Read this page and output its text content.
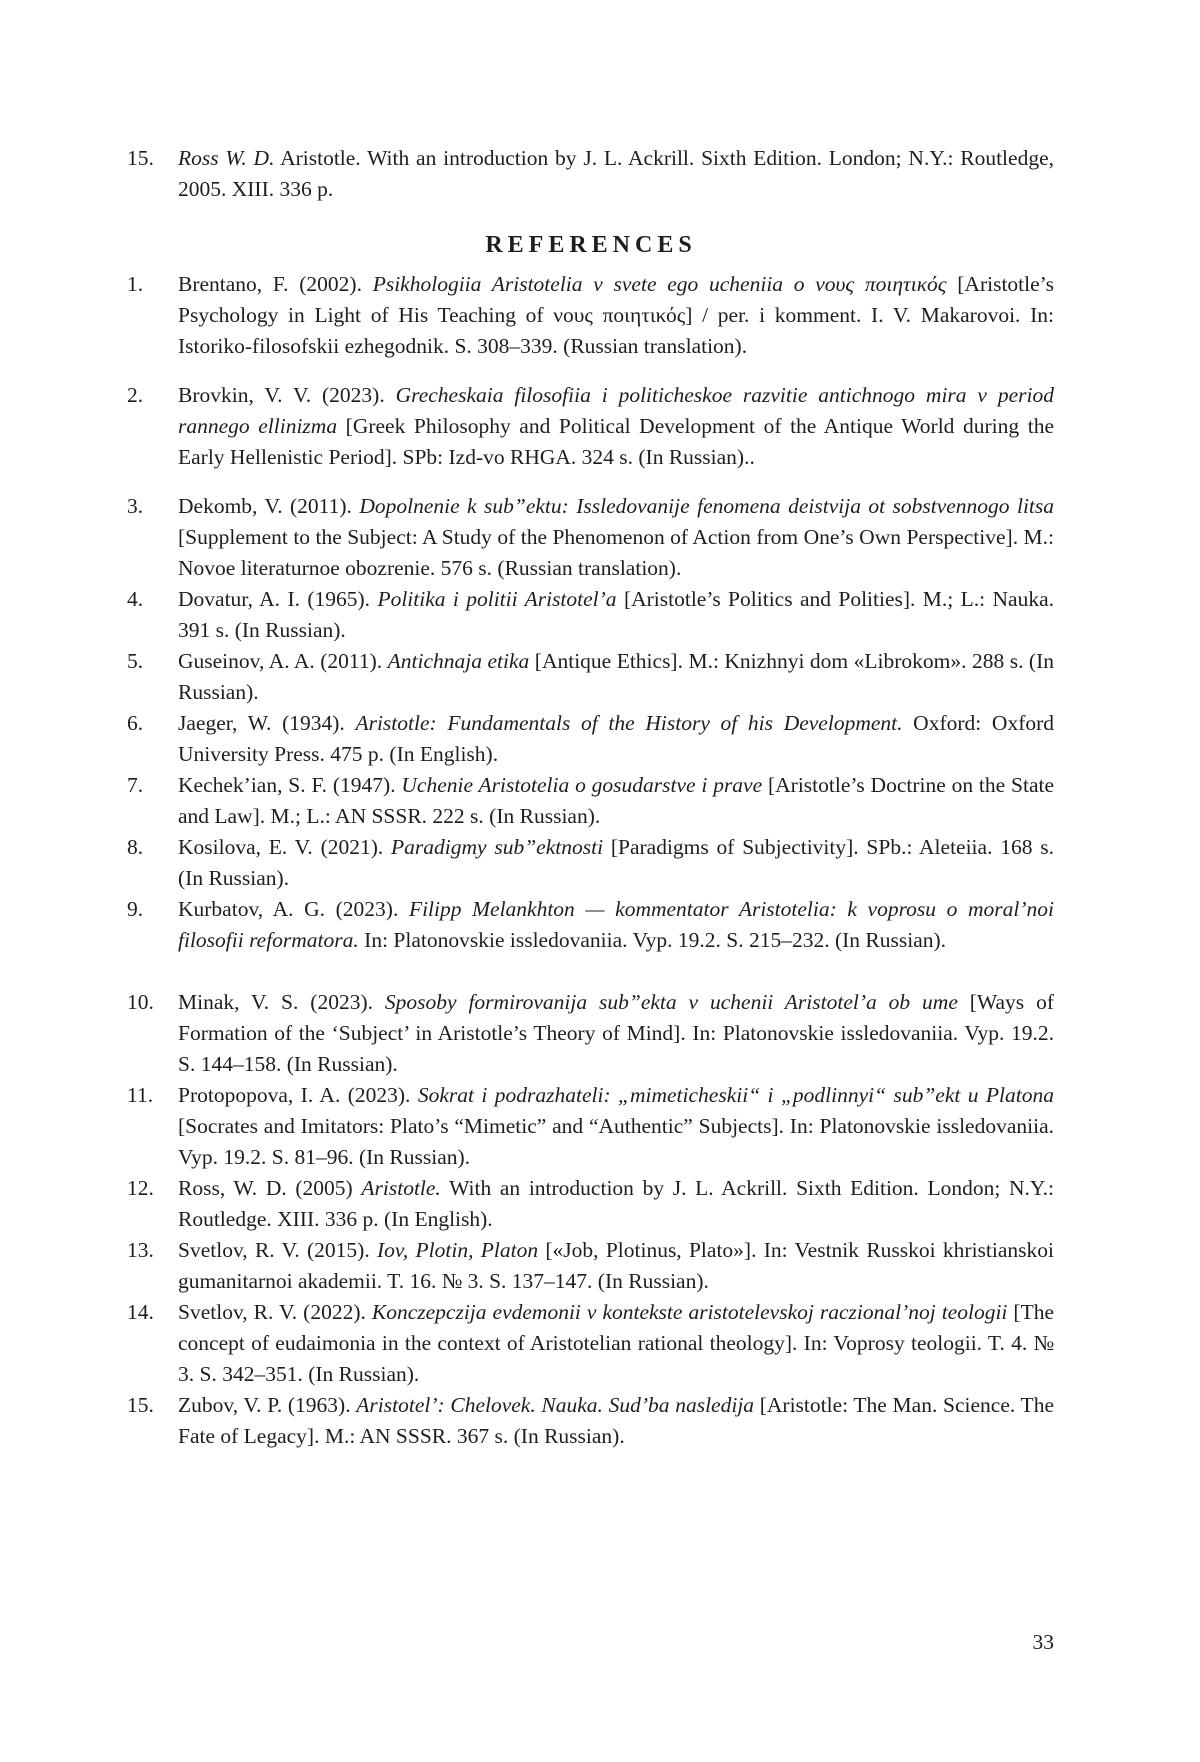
15.	Ross W. D. Aristotle. With an introduction by J. L. Ackrill. Sixth Edition. London; N.Y.: Routledge, 2005. XIII. 336 p.
REFERENCES
1.	Brentano, F. (2002). Psikhologiia Aristotelia v svete ego ucheniia o νους ποιητικός [Aristotle’s Psychology in Light of His Teaching of νους ποιητικός] / per. i komment. I. V. Makarovoi. In: Istoriko-filosofskii ezhegodnik. S. 308–339. (Russian translation).
2.	Brovkin, V. V. (2023). Grecheskaia filosofiia i politicheskoe razvitie antichnogo mira v period rannego ellinizma [Greek Philosophy and Political Development of the Antique World during the Early Hellenistic Period]. SPb: Izd-vo RHGA. 324 s. (In Russian)..
3.	Dekomb, V. (2011). Dopolnenie k sub”ektu: Issledovanije fenomena deistvija ot sobstvennogo litsa [Supplement to the Subject: A Study of the Phenomenon of Action from One’s Own Perspective]. M.: Novoe literaturnoe obozrenie. 576 s. (Russian translation).
4.	Dovatur, A. I. (1965). Politika i politii Aristotel’a [Aristotle’s Politics and Polities]. M.; L.: Nauka. 391 s. (In Russian).
5.	Guseinov, A. A. (2011). Antichnaja etika [Antique Ethics]. M.: Knizhnyi dom «Librokom». 288 s. (In Russian).
6.	Jaeger, W. (1934). Aristotle: Fundamentals of the History of his Development. Oxford: Oxford University Press. 475 p. (In English).
7.	Kechek’ian, S. F. (1947). Uchenie Aristotelia o gosudarstve i prave [Aristotle’s Doctrine on the State and Law]. M.; L.: AN SSSR. 222 s. (In Russian).
8.	Kosilova, E. V. (2021). Paradigmy sub”ektnosti [Paradigms of Subjectivity]. SPb.: Aleteiia. 168 s. (In Russian).
9.	Kurbatov, A. G. (2023). Filipp Melankhton — kommentator Aristotelia: k voprosu o moral’noi filosofii reformatora. In: Platonovskie issledovaniia. Vyp. 19.2. S. 215–232. (In Russian).
10.	Minak, V. S. (2023). Sposoby formirovanija sub”ekta v uchenii Aristotel’a ob ume [Ways of Formation of the ‘Subject’ in Aristotle’s Theory of Mind]. In: Platonovskie issledovaniia. Vyp. 19.2. S. 144–158. (In Russian).
11.	Protopopova, I. A. (2023). Sokrat i podrazhateli: „mimeticheskii“ i „podlinnyi“ sub”ekt u Platona [Socrates and Imitators: Plato’s “Mimetic” and “Authentic” Subjects]. In: Platonovskie issledovaniia. Vyp. 19.2. S. 81–96. (In Russian).
12.	Ross, W. D. (2005) Aristotle. With an introduction by J. L. Ackrill. Sixth Edition. London; N.Y.: Routledge. XIII. 336 p. (In English).
13.	Svetlov, R. V. (2015). Iov, Plotin, Platon [«Job, Plotinus, Plato»]. In: Vestnik Russkoi khristianskoi gumanitarnoi akademii. T. 16. № 3. S. 137–147. (In Russian).
14.	Svetlov, R. V. (2022). Konczepczija evdemonii v kontekste aristotelevskoj raczional’noj teologii [The concept of eudaimonia in the context of Aristotelian rational theology]. In: Voprosy teologii. T. 4. № 3. S. 342–351. (In Russian).
15.	Zubov, V. P. (1963). Aristotel’: Chelovek. Nauka. Sud’ba nasledija [Aristotle: The Man. Science. The Fate of Legacy]. M.: AN SSSR. 367 s. (In Russian).
33
